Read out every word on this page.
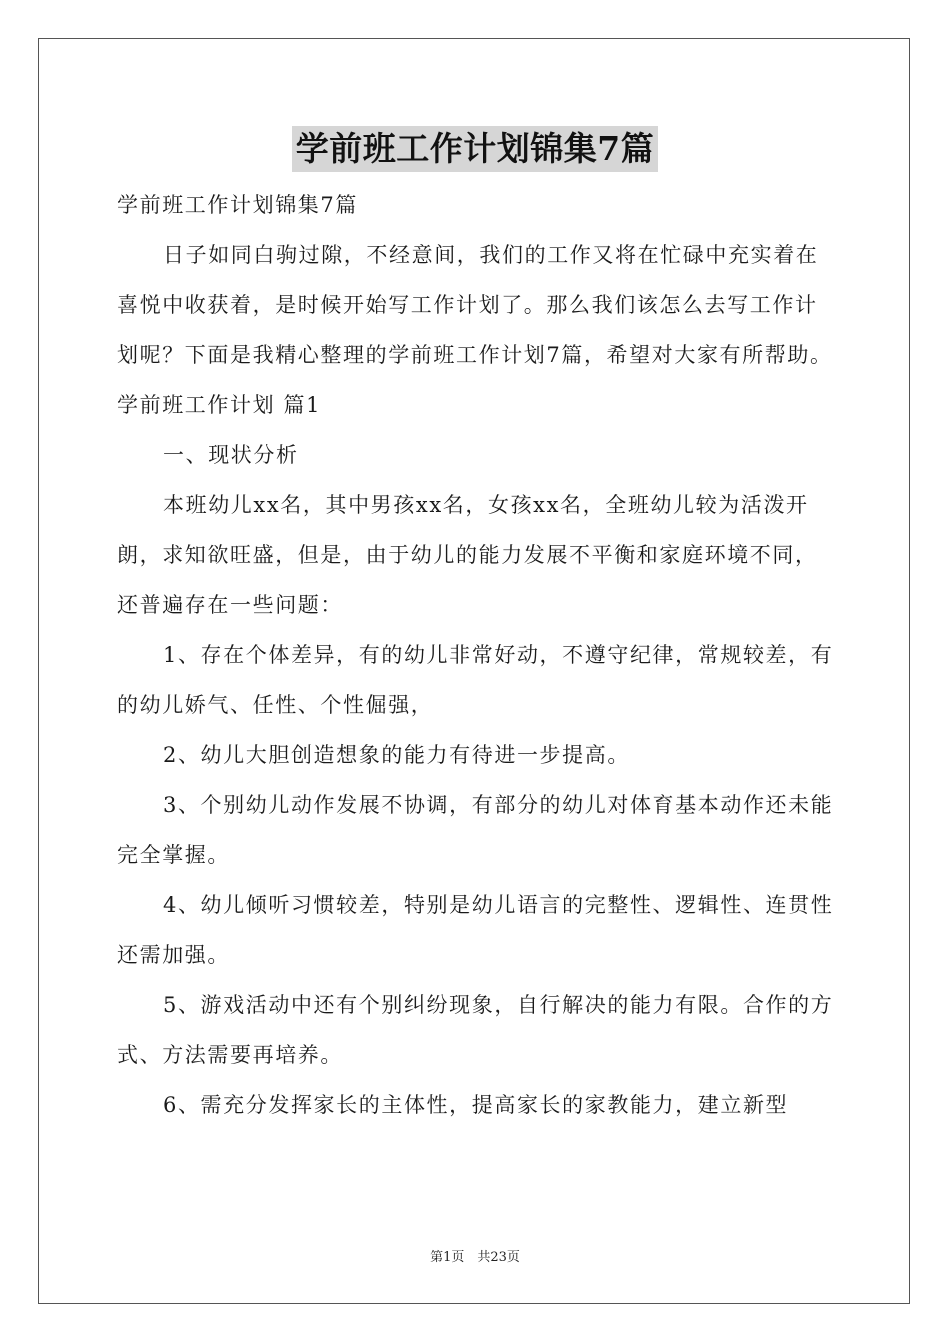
学前班工作计划锦集7篇

学前班工作计划锦集7篇

日子如同白驹过隙，不经意间，我们的工作又将在忙碌中充实着在喜悦中收获着，是时候开始写工作计划了。那么我们该怎么去写工作计划呢？下面是我精心整理的学前班工作计划7篇，希望对大家有所帮助。

学前班工作计划 篇1

一、现状分析

本班幼儿xx名，其中男孩xx名，女孩xx名，全班幼儿较为活泼开朗，求知欲旺盛，但是，由于幼儿的能力发展不平衡和家庭环境不同，还普遍存在一些问题：

1、存在个体差异，有的幼儿非常好动，不遵守纪律，常规较差，有的幼儿娇气、任性、个性倔强，

2、幼儿大胆创造想象的能力有待进一步提高。

3、个别幼儿动作发展不协调，有部分的幼儿对体育基本动作还未能完全掌握。

4、幼儿倾听习惯较差，特别是幼儿语言的完整性、逻辑性、连贯性还需加强。

5、游戏活动中还有个别纠纷现象，自行解决的能力有限。合作的方式、方法需要再培养。

6、需充分发挥家长的主体性，提高家长的家教能力，建立新型

第1页　共23页
